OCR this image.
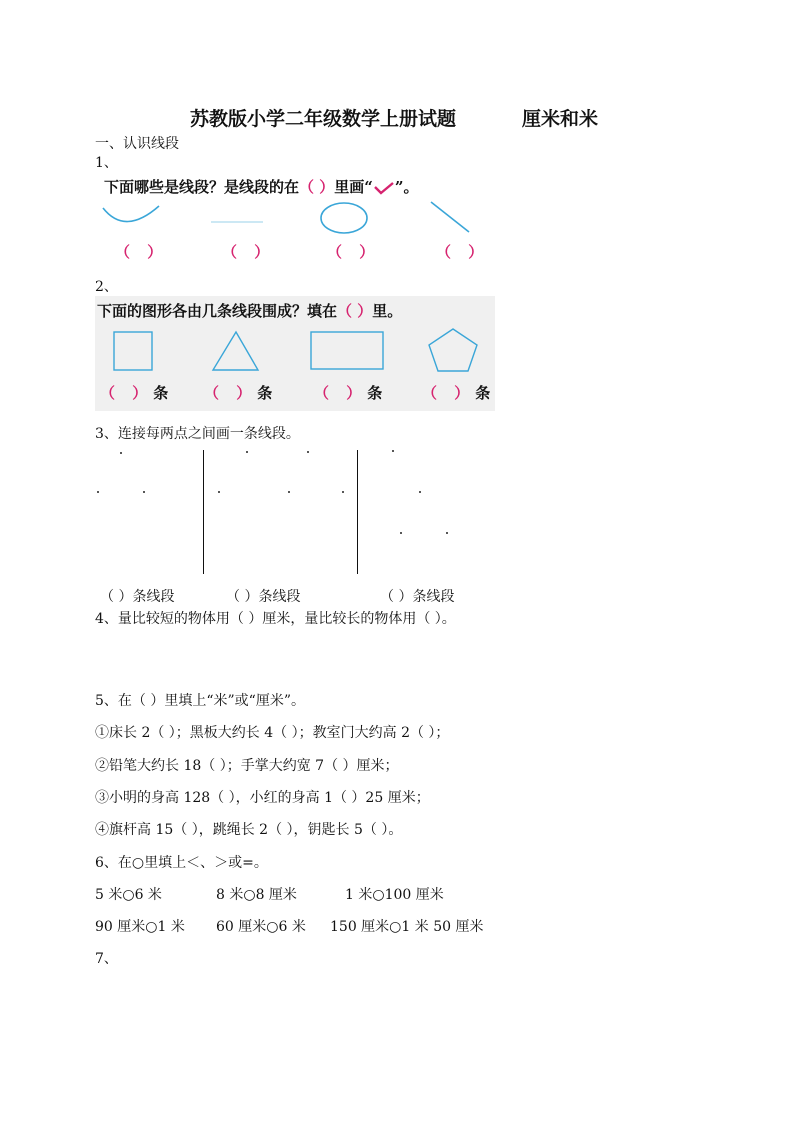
苏教版小学二年级数学上册试题	厘米和米
一、认识线段
1、
下面哪些是线段？是线段的在（ ）里画“ ”。
（ ）	（ ）	（ ）	（ ）
2、
下面的图形各由几条线段围成？填在（ ）里。
（ ）条 （ ）条	（ ）条	（ ）条
3、连接每两点之间画一条线段。
（ ）条线段	（ ）条线段	（ ）条线段
4、量比较短的物体用（ ）厘米，量比较长的物体用（ ）。
5、在（ ）里填上“米”或“厘米”。
①床长 2（ ）；黑板大约长 4（ ）；教室门大约高 2（ ）；
②铅笔大约长 18（ ）；手掌大约宽 7（ ）厘米；
③小明的身高 128（ ），小红的身高 1（ ）25 厘米；
④旗杆高 15（ ），跳绳长 2（ ），钥匙长 5（ ）。
6、在○里填上＜、＞或=。
5 米○6 米	8 米○8 厘米	1 米○100 厘米
90 厘米○1 米 60 厘米○6 米 150 厘米○1 米 50 厘米
7、
